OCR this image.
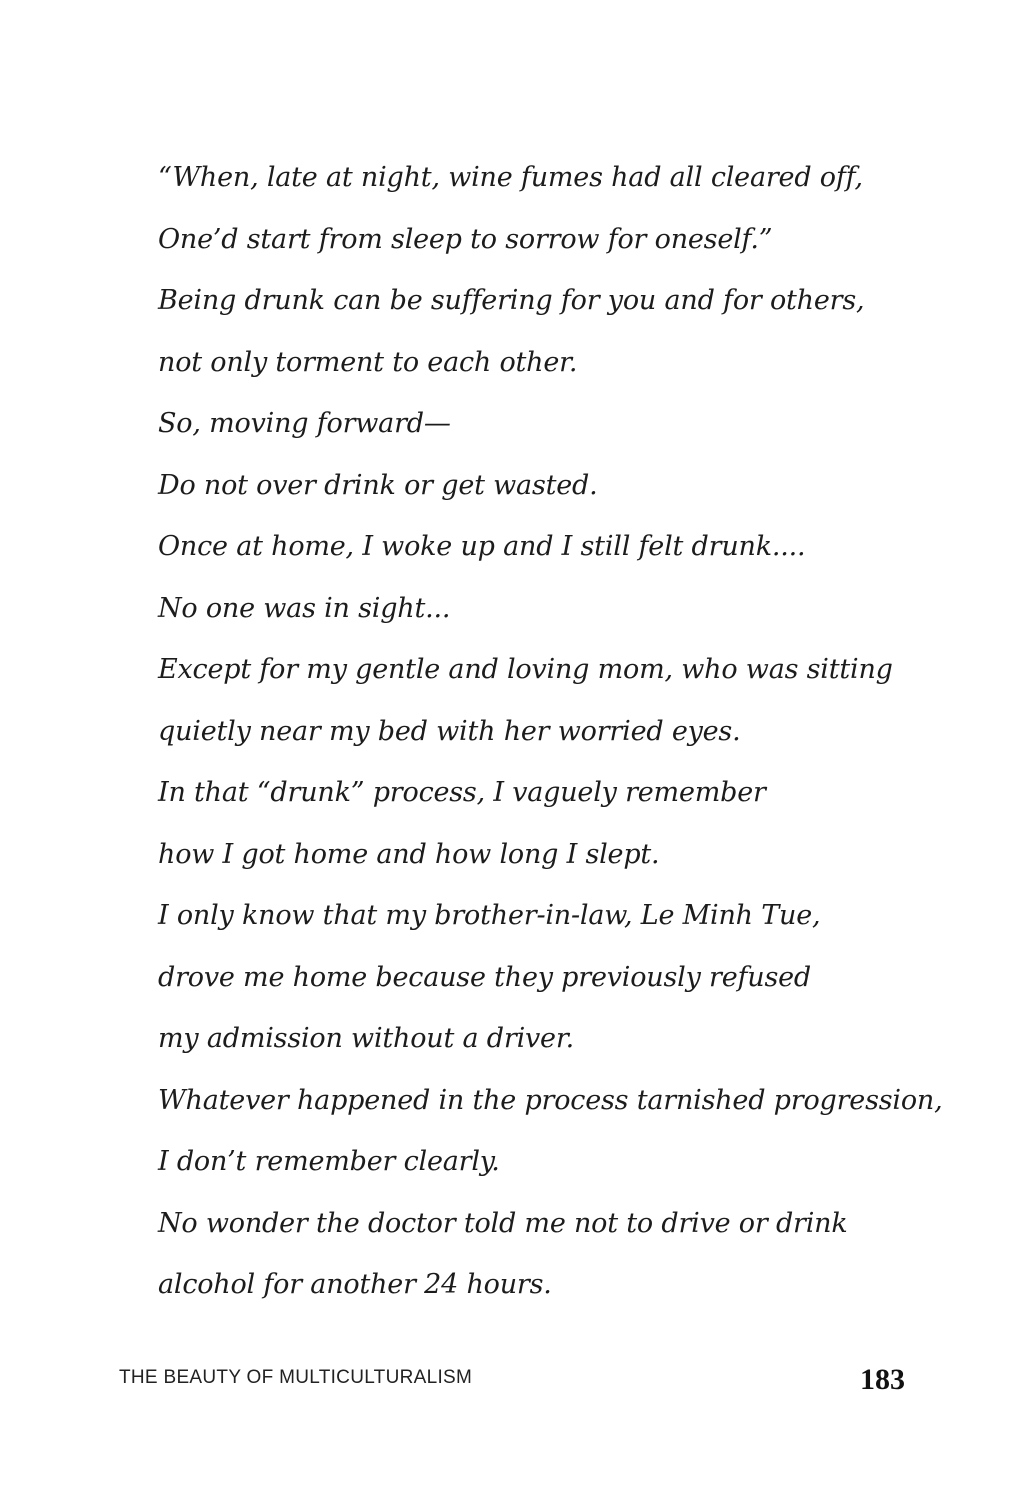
“When, late at night, wine fumes had all cleared off,
One’d start from sleep to sorrow for oneself.”
Being drunk can be suffering for you and for others,
not only torment to each other.
So, moving forward—
Do not over drink or get wasted.
Once at home, I woke up and I still felt drunk....
No one was in sight...
Except for my gentle and loving mom, who was sitting
quietly near my bed with her worried eyes.
In that “drunk” process, I vaguely remember
how I got home and how long I slept.
I only know that my brother-in-law, Le Minh Tue,
drove me home because they previously refused
my admission without a driver.
Whatever happened in the process tarnished progression,
I don’t remember clearly.
No wonder the doctor told me not to drive or drink
alcohol for another 24 hours.
THE BEAUTY OF MULTICULTURALISM	183
